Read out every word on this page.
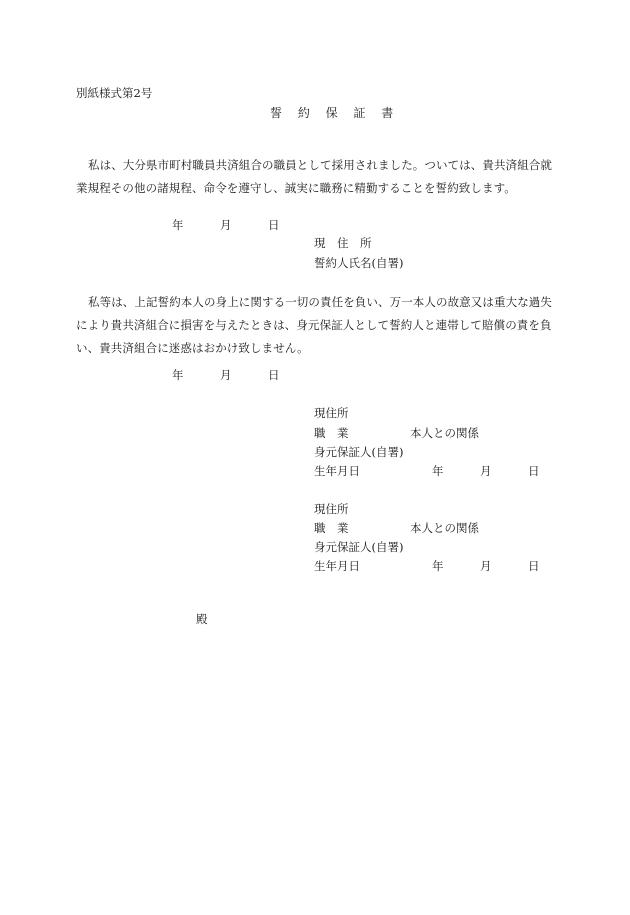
別紙様式第2号
誓 約 保 証 書
私は、大分県市町村職員共済組合の職員として採用されました。ついては、貴共済組合就業規程その他の諸規程、命令を遵守し、誠実に職務に精勤することを誓約致します。
年	月	日
現　住　所
誓約人氏名(自署)
私等は、上記誓約本人の身上に関する一切の責任を負い、万一本人の故意又は重大な過失により貴共済組合に損害を与えたときは、身元保証人として誓約人と連帯して賠償の責を負い、貴共済組合に迷惑はおかけ致しません。
年	月	日
現住所
職　業	本人との関係
身元保証人(自署)
生年月日	年	月	日
現住所
職　業	本人との関係
身元保証人(自署)
生年月日	年	月	日
殿
